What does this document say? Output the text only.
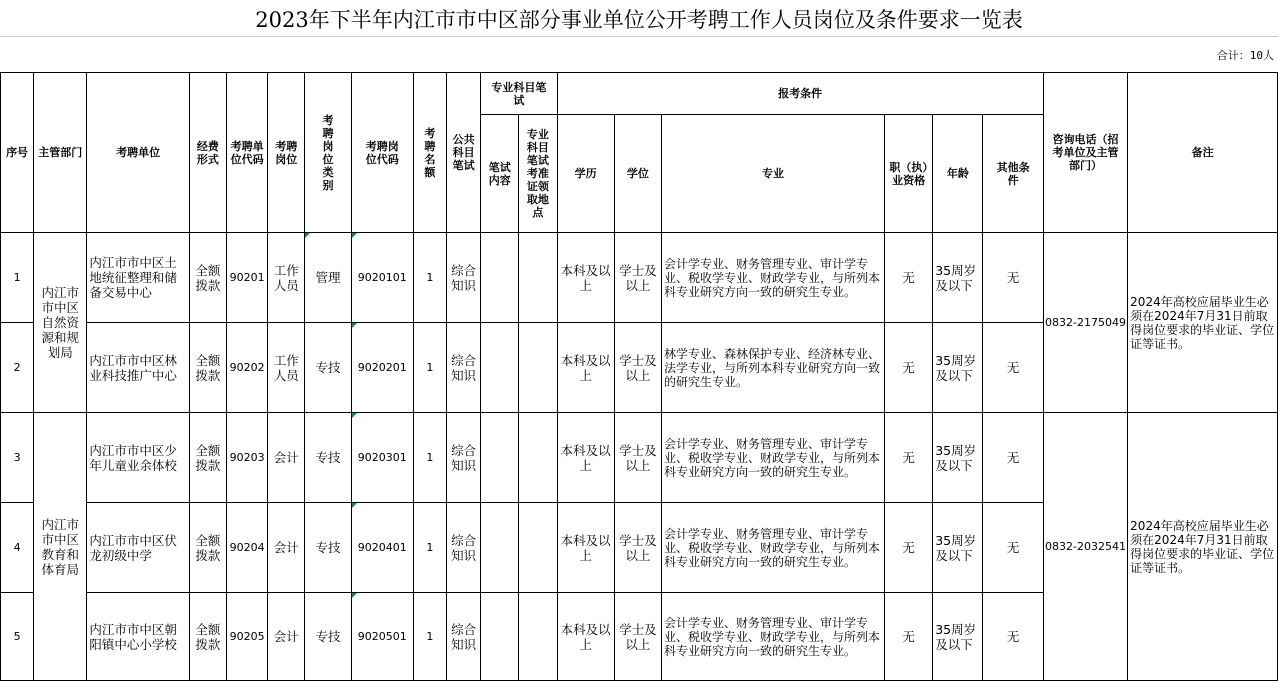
2023年下半年内江市市中区部分事业单位公开考聘工作人员岗位及条件要求一览表
合计：10人
序号	主管部门	考聘单位	经费形式	考聘单位代码	考聘岗位	考聘岗位类别	考聘岗位代码	考聘名额	公共科目笔试	专业科目笔试		报考条件						咨询电话（招考单位及主管部门）	备注
										笔试内容	专业科目笔试考准证领取地点	学历	学位	专业	职（执）业资格	年龄	其他条件		
1	内江市市中区自然资源和规划局	内江市市中区土地统征整理和储备交易中心	全额拨款	90201	工作人员	管理	9020101	1	综合知识			本科及以上	学士及以上	会计学专业、财务管理专业、审计学专业、税收学专业、财政学专业，与所列本科专业研究方向一致的研究生专业。	无	35周岁及以下	无	0832-2175049	2024年高校应届毕业生必须在2024年7月31日前取得岗位要求的毕业证、学位证等证书。
2		内江市市中区林业科技推广中心	全额拨款	90202	工作人员	专技	9020201	1	综合知识			本科及以上	学士及以上	林学专业、森林保护专业、经济林专业、法学专业，与所列本科专业研究方向一致的研究生专业。	无	35周岁及以下	无		
3	内江市市中区教育和体育局	内江市市中区少年儿童业余体校	全额拨款	90203	会计	专技	9020301	1	综合知识			本科及以上	学士及以上	会计学专业、财务管理专业、审计学专业、税收学专业、财政学专业，与所列本科专业研究方向一致的研究生专业。	无	35周岁及以下	无	0832-2032541	2024年高校应届毕业生必须在2024年7月31日前取得岗位要求的毕业证、学位证等证书。
4		内江市市中区伏龙初级中学	全额拨款	90204	会计	专技	9020401	1	综合知识			本科及以上	学士及以上	会计学专业、财务管理专业、审计学专业、税收学专业、财政学专业，与所列本科专业研究方向一致的研究生专业。	无	35周岁及以下	无		
5		内江市市中区朝阳镇中心小学校	全额拨款	90205	会计	专技	9020501	1	综合知识			本科及以上	学士及以上	会计学专业、财务管理专业、审计学专业、税收学专业、财政学专业，与所列本科专业研究方向一致的研究生专业。	无	35周岁及以下	无		
